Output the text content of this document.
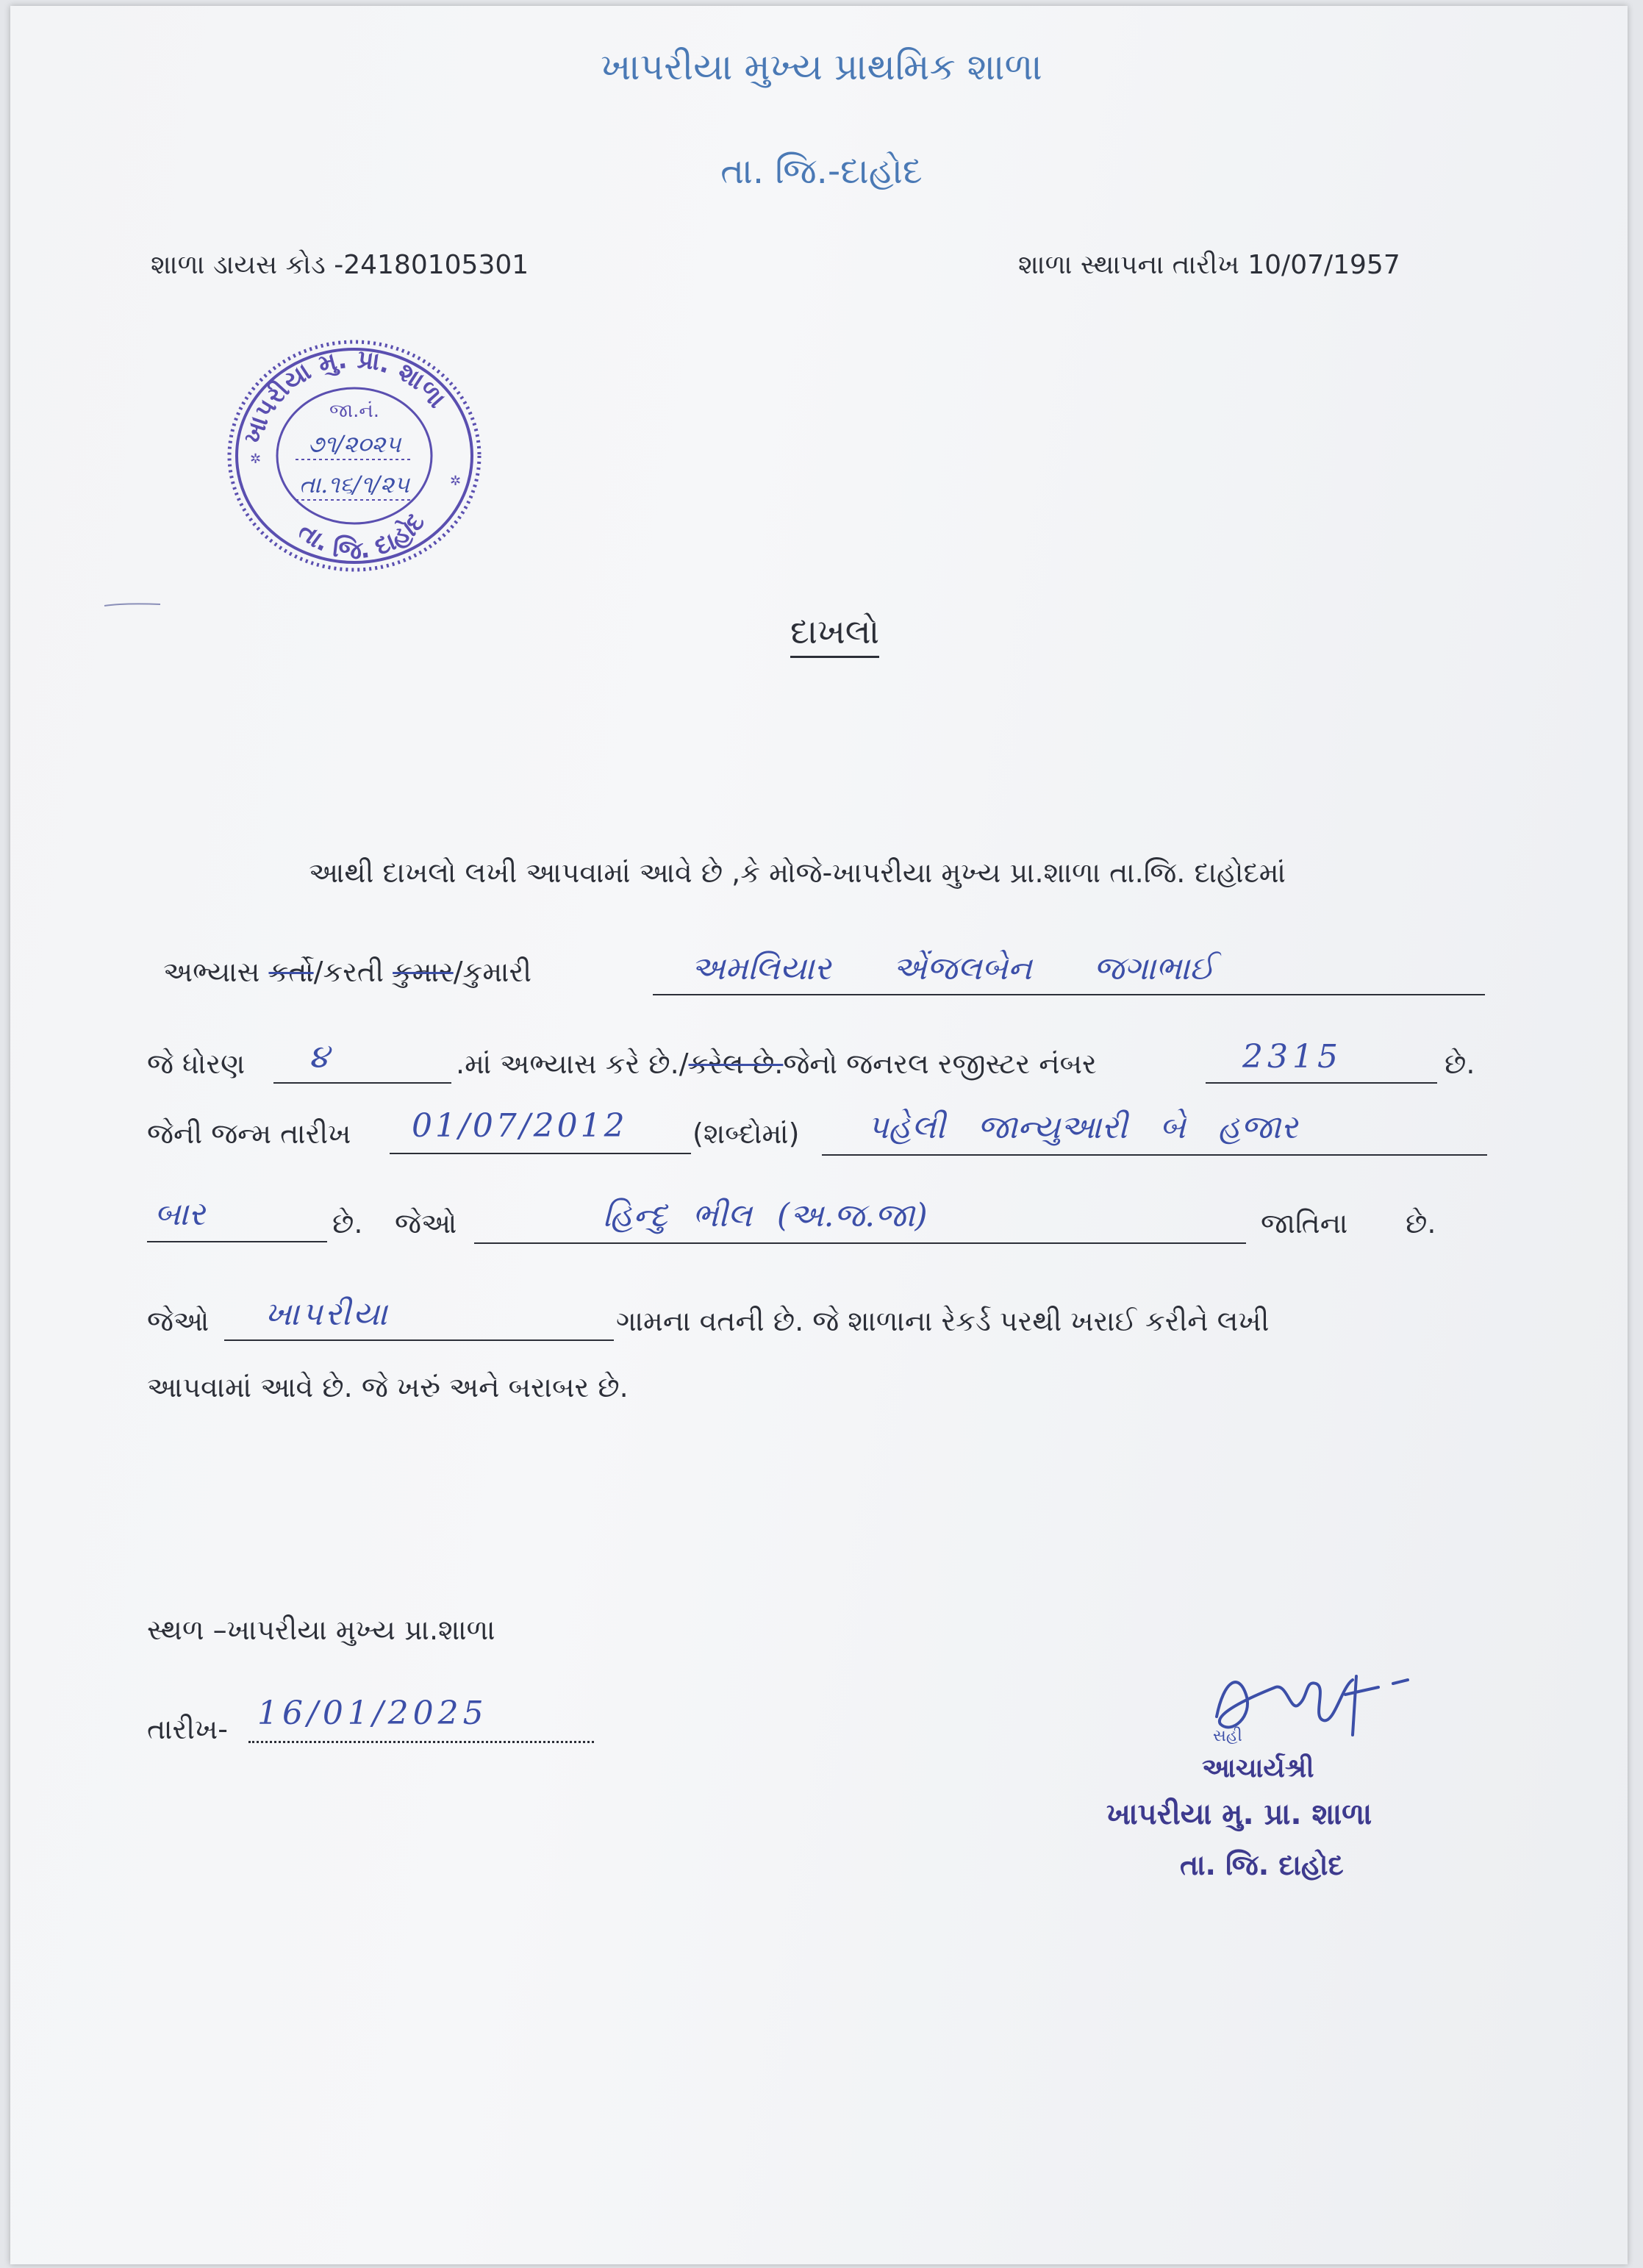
ખાપરીયા મુખ્ય પ્રાથમિક શાળા
તા. જિ.-દાહોદ
શાળા ડાયસ કોડ -24180105301	શાળા સ્થાપના તારીખ 10/07/1957
ખાપરીયા મુ. પ્રા. શાળા
તા. જિ. દાહોદ
જા.નં.
૭૧/૨૦૨૫
તા.૧૬/૧/૨૫
✲
✲
દાખલો
આથી દાખલો લખી આપવામાં આવે છે ,કે મોજે-ખાપરીયા મુખ્ય પ્રા.શાળા તા.જિ. દાહોદમાં
અભ્યાસ કર્તો/કરતી કુમાર/કુમારી	અમલિયાર એંજલબેન જગાભાઈ
જે ધોરણ ૪	.માં અભ્યાસ કરે છે./કરેલ છે.જેનો જનરલ રજીસ્ટર નંબર	2315	છે.
જેની જન્મ તારીખ 01/07/2012 (શબ્દોમાં) પહેલી જાન્યુઆરી બે હજાર
બાર	છે. જેઓ	હિન્દુ ભીલ (અ.જ.જા)	જાતિના છે.
જેઓ ખાપરીયા	ગામના વતની છે. જે શાળાના રેકર્ડ પરથી ખરાઈ કરીને લખી
આપવામાં આવે છે. જે ખરું અને બરાબર છે.
સ્થળ –ખાપરીયા મુખ્ય પ્રા.શાળા
તારીખ- 16/01/2025
સહી
આચાર્યશ્રી
ખાપરીયા મુ. પ્રા. શાળા
તા. જિ. દાહોદ
